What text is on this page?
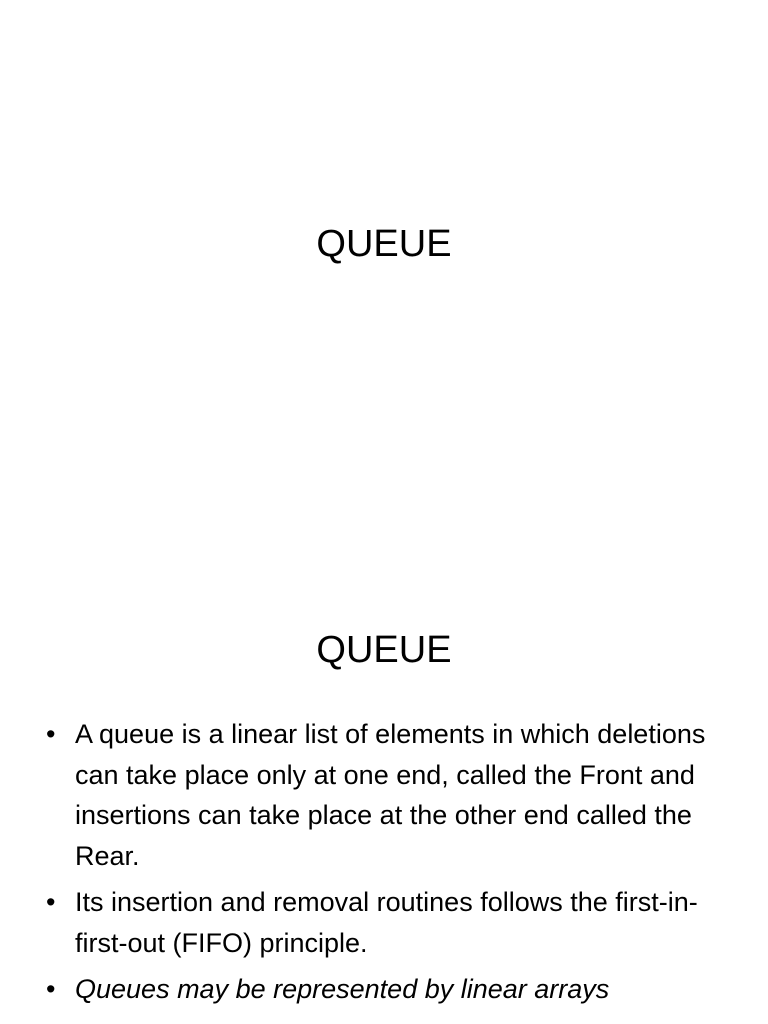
QUEUE
QUEUE
• A queue is a linear list of elements in which deletions can take place only at one end, called the Front and insertions can take place at the other end called the Rear.
• Its insertion and removal routines follows the first-in-first-out (FIFO) principle.
• Queues may be represented by linear arrays
